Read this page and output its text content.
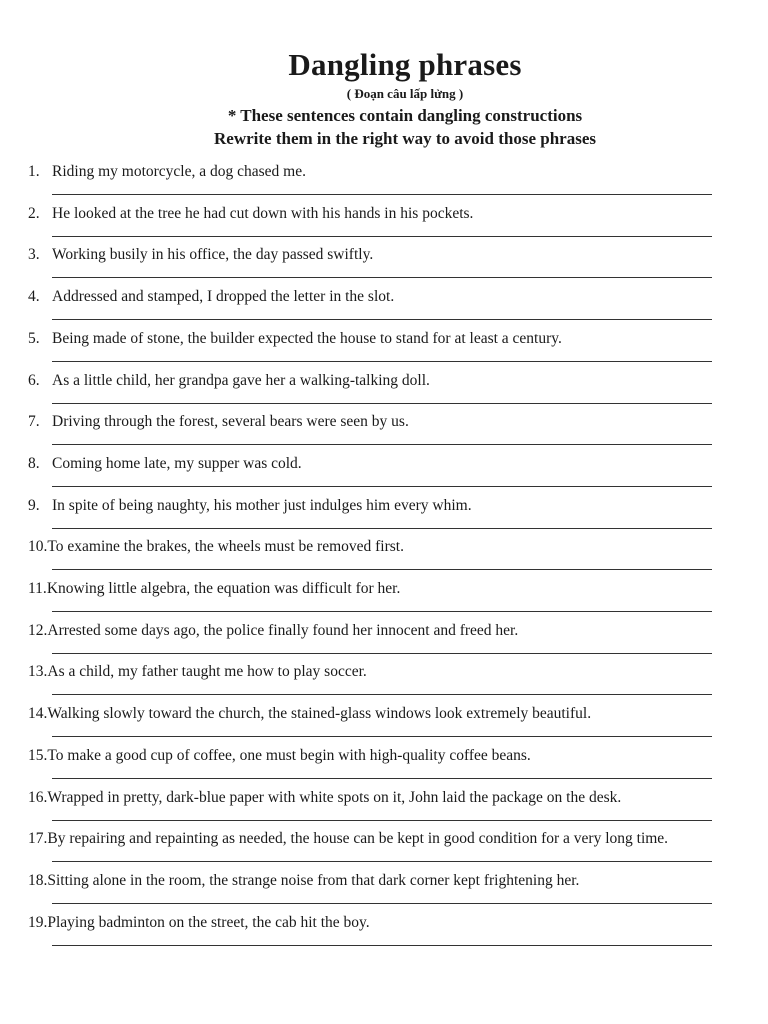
Dangling phrases
( Đoạn câu lấp lửng )
* These sentences contain dangling constructions
Rewrite them in the right way to avoid those phrases
1. Riding my motorcycle, a dog chased me.
2. He looked at the tree he had cut down with his hands in his pockets.
3. Working busily in his office, the day passed swiftly.
4. Addressed and stamped, I dropped the letter in the slot.
5. Being made of stone, the builder expected the house to stand for at least a century.
6. As a little child, her grandpa gave her a walking-talking doll.
7. Driving through the forest, several bears were seen by us.
8. Coming home late, my supper was cold.
9. In spite of being naughty, his mother just indulges him every whim.
10. To examine the brakes, the wheels must be removed first.
11. Knowing little algebra, the equation was difficult for her.
12. Arrested some days ago, the police finally found her innocent and freed her.
13. As a child, my father taught me how to play soccer.
14. Walking slowly toward the church, the stained-glass windows look extremely beautiful.
15. To make a good cup of coffee, one must begin with high-quality coffee beans.
16. Wrapped in pretty, dark-blue paper with white spots on it, John laid the package on the desk.
17. By repairing and repainting as needed, the house can be kept in good condition for a very long time.
18. Sitting alone in the room, the strange noise from that dark corner kept frightening her.
19. Playing badminton on the street, the cab hit the boy.
